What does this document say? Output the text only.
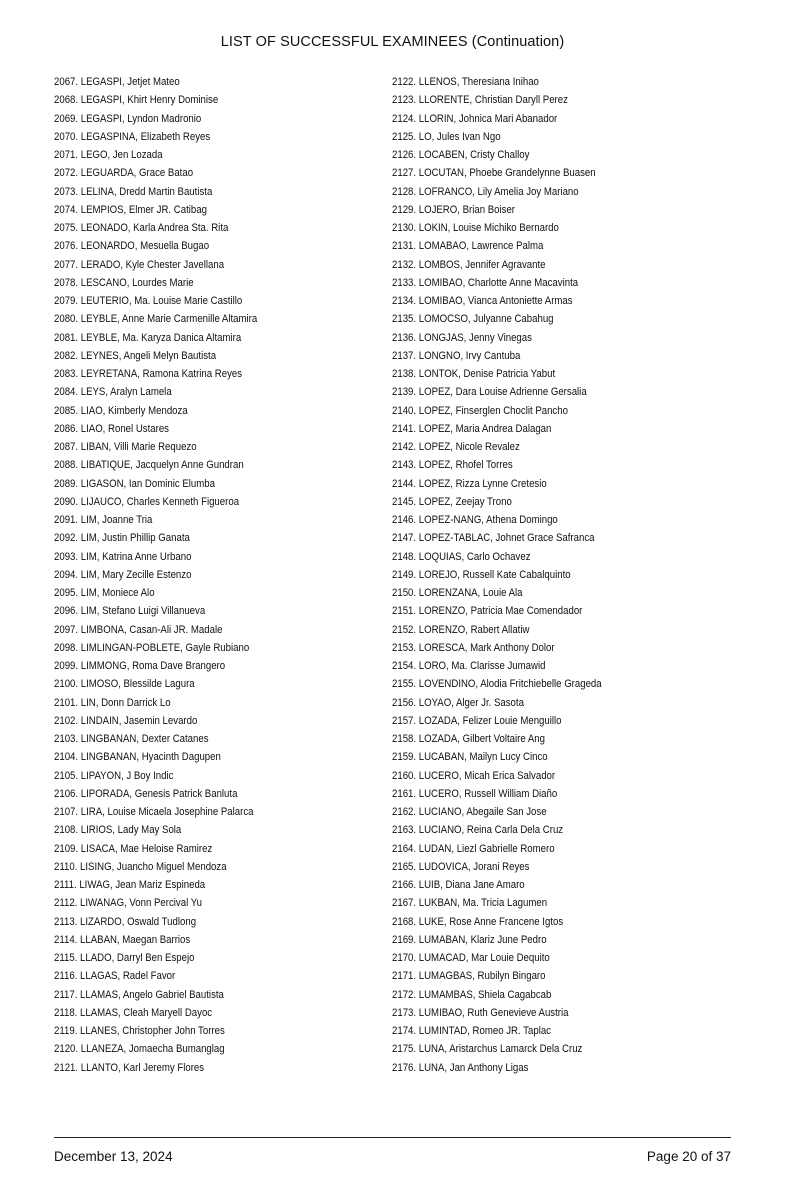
LIST OF SUCCESSFUL EXAMINEES (Continuation)
2067. LEGASPI, Jetjet Mateo
2068. LEGASPI, Khirt Henry Dominise
2069. LEGASPI, Lyndon Madronio
2070. LEGASPINA, Elizabeth Reyes
2071. LEGO, Jen Lozada
2072. LEGUARDA, Grace Batao
2073. LELINA, Dredd Martin Bautista
2074. LEMPIOS, Elmer JR. Catibag
2075. LEONADO, Karla Andrea Sta. Rita
2076. LEONARDO, Mesuella Bugao
2077. LERADO, Kyle Chester Javellana
2078. LESCANO, Lourdes Marie
2079. LEUTERIO, Ma. Louise Marie Castillo
2080. LEYBLE, Anne Marie Carmenille Altamira
2081. LEYBLE, Ma. Karyza Danica Altamira
2082. LEYNES, Angeli Melyn Bautista
2083. LEYRETANA, Ramona Katrina Reyes
2084. LEYS, Aralyn Lamela
2085. LIAO, Kimberly Mendoza
2086. LIAO, Ronel Ustares
2087. LIBAN, Villi Marie Requezo
2088. LIBATIQUE, Jacquelyn Anne Gundran
2089. LIGASON, Ian Dominic Elumba
2090. LIJAUCO, Charles Kenneth Figueroa
2091. LIM, Joanne Tria
2092. LIM, Justin Phillip Ganata
2093. LIM, Katrina Anne Urbano
2094. LIM, Mary Zecille Estenzo
2095. LIM, Moniece Alo
2096. LIM, Stefano Luigi Villanueva
2097. LIMBONA, Casan-Ali JR. Madale
2098. LIMLINGAN-POBLETE, Gayle Rubiano
2099. LIMMONG, Roma Dave Brangero
2100. LIMOSO, Blessilde Lagura
2101. LIN, Donn Darrick Lo
2102. LINDAIN, Jasemin Levardo
2103. LINGBANAN, Dexter Catanes
2104. LINGBANAN, Hyacinth Dagupen
2105. LIPAYON, J Boy Indic
2106. LIPORADA, Genesis Patrick Banluta
2107. LIRA, Louise Micaela Josephine Palarca
2108. LIRIOS, Lady May Sola
2109. LISACA, Mae Heloise Ramirez
2110. LISING, Juancho Miguel Mendoza
2111. LIWAG, Jean Mariz Espineda
2112. LIWANAG, Vonn Percival Yu
2113. LIZARDO, Oswald Tudlong
2114. LLABAN, Maegan Barrios
2115. LLADO, Darryl Ben Espejo
2116. LLAGAS, Radel Favor
2117. LLAMAS, Angelo Gabriel Bautista
2118. LLAMAS, Cleah Maryell Dayoc
2119. LLANES, Christopher John Torres
2120. LLANEZA, Jomaecha Bumanglag
2121. LLANTO, Karl Jeremy Flores
2122. LLENOS, Theresiana Inihao
2123. LLORENTE, Christian Daryll Perez
2124. LLORIN, Johnica Mari Abanador
2125. LO, Jules Ivan Ngo
2126. LOCABEN, Cristy Challoy
2127. LOCUTAN, Phoebe Grandelynne Buasen
2128. LOFRANCO, Lily Amelia Joy Mariano
2129. LOJERO, Brian Boiser
2130. LOKIN, Louise Michiko Bernardo
2131. LOMABAO, Lawrence Palma
2132. LOMBOS, Jennifer Agravante
2133. LOMIBAO, Charlotte Anne Macavinta
2134. LOMIBAO, Vianca Antoniette Armas
2135. LOMOCSO, Julyanne Cabahug
2136. LONGJAS, Jenny Vinegas
2137. LONGNO, Irvy Cantuba
2138. LONTOK, Denise Patricia Yabut
2139. LOPEZ, Dara Louise Adrienne Gersalia
2140. LOPEZ, Finserglen Choclit Pancho
2141. LOPEZ, Maria Andrea Dalagan
2142. LOPEZ, Nicole Revalez
2143. LOPEZ, Rhofel Torres
2144. LOPEZ, Rizza Lynne Cretesio
2145. LOPEZ, Zeejay Trono
2146. LOPEZ-NANG, Athena Domingo
2147. LOPEZ-TABLAC, Johnet Grace Safranca
2148. LOQUIAS, Carlo Ochavez
2149. LOREJO, Russell Kate Cabalquinto
2150. LORENZANA, Louie Ala
2151. LORENZO, Patricia Mae Comendador
2152. LORENZO, Rabert Allatiw
2153. LORESCA, Mark Anthony Dolor
2154. LORO, Ma. Clarisse Jumawid
2155. LOVENDINO, Alodia Fritchiebelle Grageda
2156. LOYAO, Alger Jr. Sasota
2157. LOZADA, Felizer Louie Menguillo
2158. LOZADA, Gilbert Voltaire Ang
2159. LUCABAN, Mailyn Lucy Cinco
2160. LUCERO, Micah Erica Salvador
2161. LUCERO, Russell William Diaño
2162. LUCIANO, Abegaile San Jose
2163. LUCIANO, Reina Carla Dela Cruz
2164. LUDAN, Liezl Gabrielle Romero
2165. LUDOVICA, Jorani Reyes
2166. LUIB, Diana Jane Amaro
2167. LUKBAN, Ma. Tricia Lagumen
2168. LUKE, Rose Anne Francene Igtos
2169. LUMABAN, Klariz June Pedro
2170. LUMACAD, Mar Louie Dequito
2171. LUMAGBAS, Rubilyn Bingaro
2172. LUMAMBAS, Shiela Cagabcab
2173. LUMIBAO, Ruth Genevieve Austria
2174. LUMINTAD, Romeo JR. Taplac
2175. LUNA, Aristarchus Lamarck Dela Cruz
2176. LUNA, Jan Anthony Ligas
December 13, 2024	Page 20 of 37
